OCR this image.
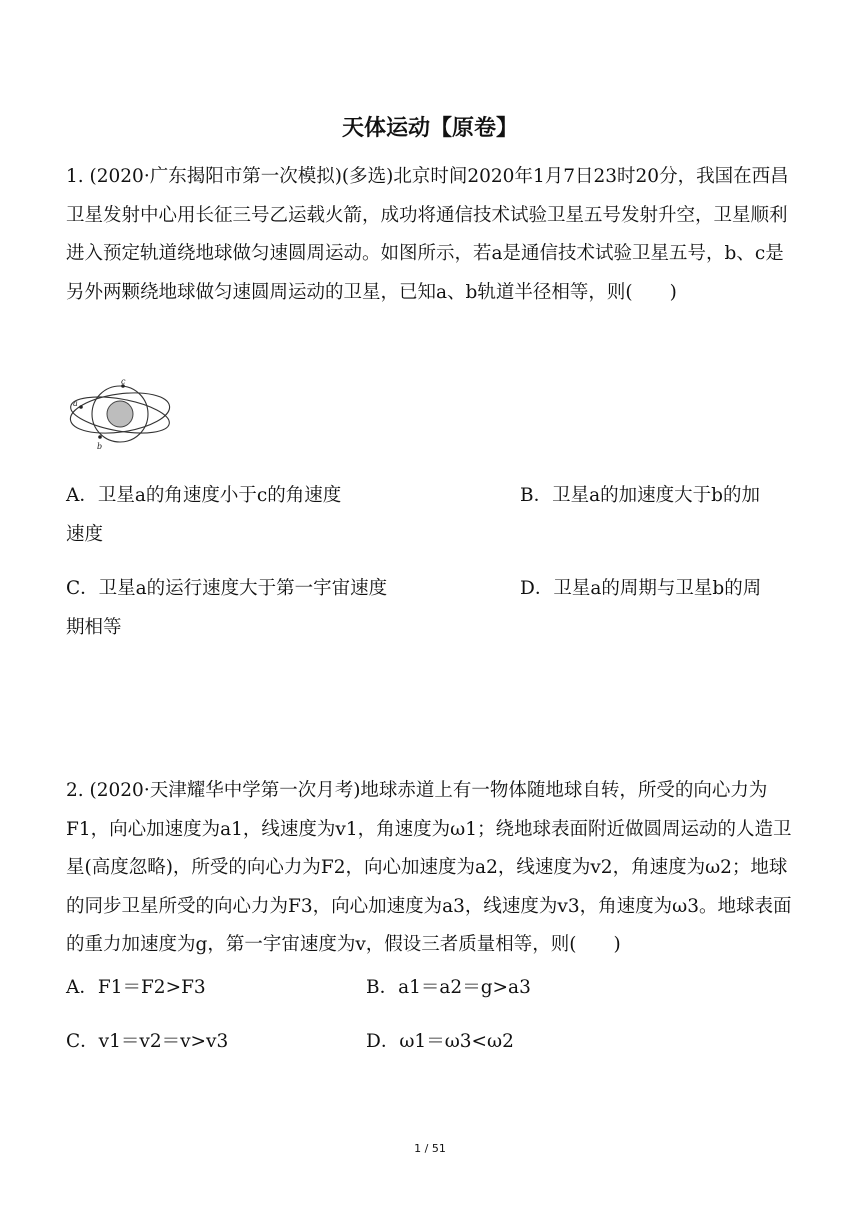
天体运动【原卷】

1. (2020·广东揭阳市第一次模拟)(多选)北京时间2020年1月7日23时20分，我国在西昌卫星发射中心用长征三号乙运载火箭，成功将通信技术试验卫星五号发射升空，卫星顺利进入预定轨道绕地球做匀速圆周运动。如图所示，若a是通信技术试验卫星五号，b、c是另外两颗绕地球做匀速圆周运动的卫星，已知a、b轨道半径相等，则(　　)

a
b
c
A．卫星a的角速度小于c的角速度	B．卫星a的加速度大于b的加
速度
C．卫星a的运行速度大于第一宇宙速度	D．卫星a的周期与卫星b的周
期相等

2. (2020·天津耀华中学第一次月考)地球赤道上有一物体随地球自转，所受的向心力为F1，向心加速度为a1，线速度为v1，角速度为ω1；绕地球表面附近做圆周运动的人造卫星(高度忽略)，所受的向心力为F2，向心加速度为a2，线速度为v2，角速度为ω2；地球的同步卫星所受的向心力为F3，向心加速度为a3，线速度为v3，角速度为ω3。地球表面的重力加速度为g，第一宇宙速度为v，假设三者质量相等，则(　　)

A．F1＝F2>F3	B．a1＝a2＝g>a3
C．v1＝v2＝v>v3	D．ω1＝ω3<ω2
1 / 51
